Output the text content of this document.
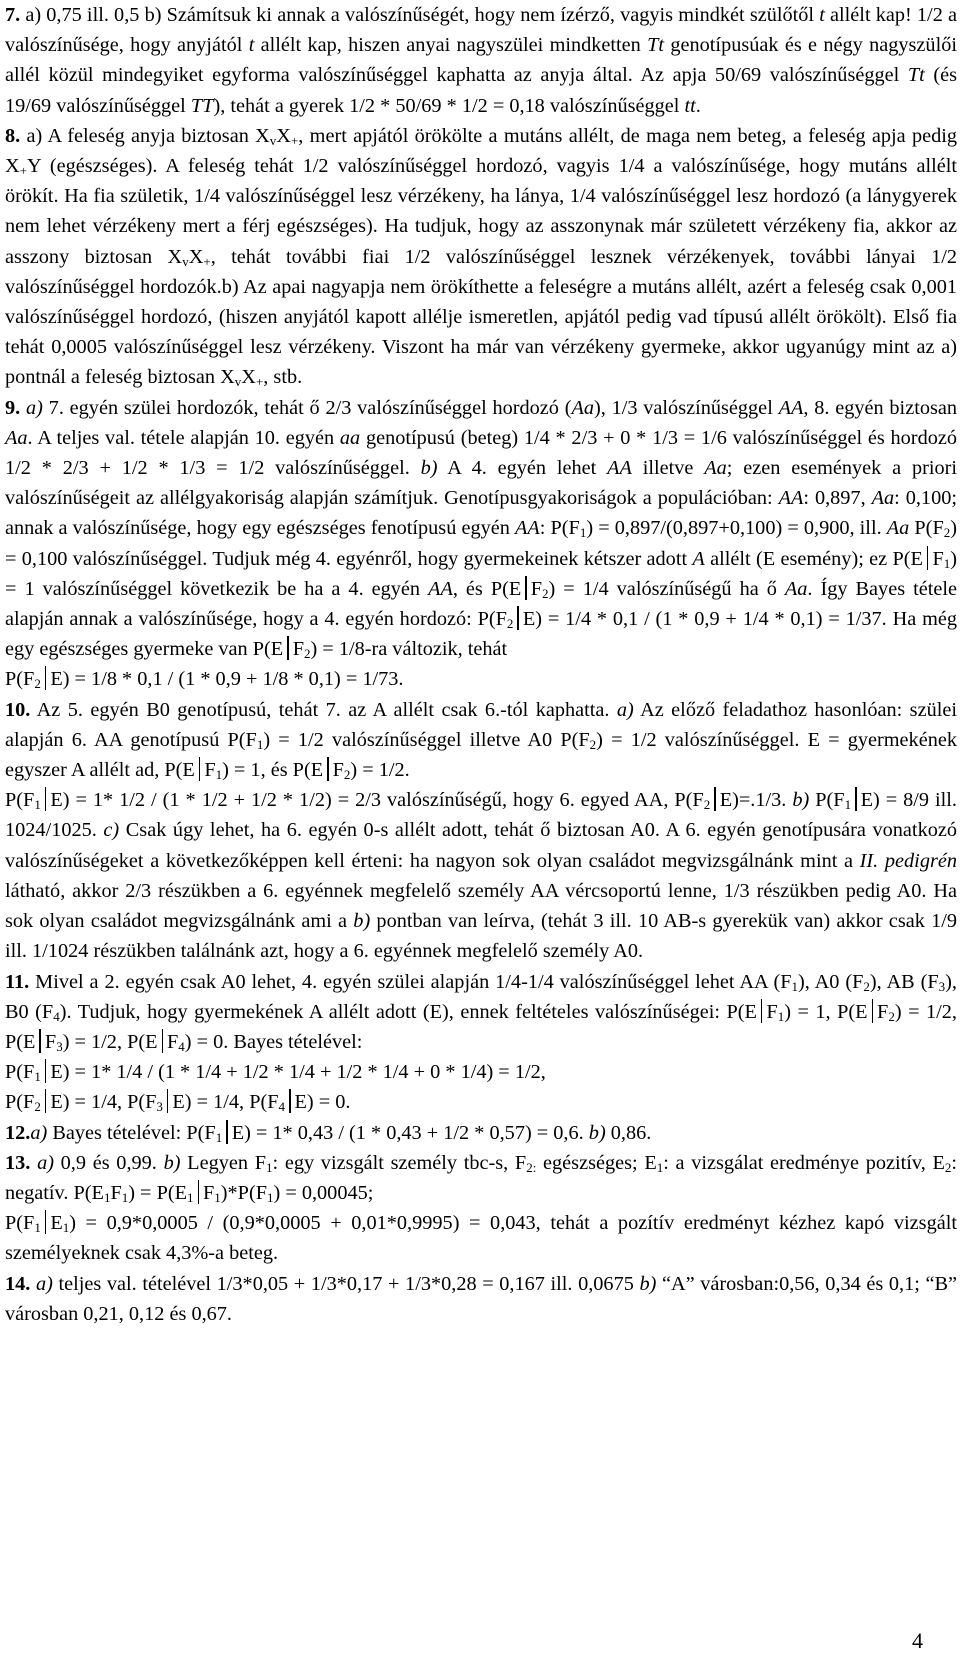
7. a) 0,75 ill. 0,5 b) Számítsuk ki annak a valószínűségét, hogy nem ízérző, vagyis mindkét szülőtől t allélt kap! 1/2 a valószínűsége, hogy anyjától t allélt kap, hiszen anyai nagyszülei mindketten Tt genotípusúak és e négy nagyszülői allél közül mindegyiket egyforma valószínűséggel kaphatta az anyja által. Az apja 50/69 valószínűséggel Tt (és 19/69 valószínűséggel TT), tehát a gyerek 1/2 * 50/69 * 1/2 = 0,18 valószínűséggel tt.

8. a) A feleség anyja biztosan $X_vX_+$, mert apjától örökölte a mutáns allélt, de maga nem beteg, a feleség apja pedig $X_+Y$ (egészséges). A feleség tehát 1/2 valószínűséggel hordozó, vagyis 1/4 a valószínűsége, hogy mutáns allélt örökít. Ha fia születik, 1/4 valószínűséggel lesz vérzékeny, ha lánya, 1/4 valószínűséggel lesz hordozó (a lánygyerek nem lehet vérzékeny mert a férj egészséges). Ha tudjuk, hogy az asszonynak már született vérzékeny fia, akkor az asszony biztosan $X_vX_+$, tehát további fiai 1/2 valószínűséggel lesznek vérzékenyek, további lányai 1/2 valószínűséggel hordozók.b) Az apai nagyapja nem örökíthette a feleségre a mutáns allélt, azért a feleség csak 0,001 valószínűséggel hordozó, (hiszen anyjától kapott allélje ismeretlen, apjától pedig vad típusú allélt örökölt). Első fia tehát 0,0005 valószínűséggel lesz vérzékeny. Viszont ha már van vérzékeny gyermeke, akkor ugyanúgy mint az a) pontnál a feleség biztosan $X_vX_+$, stb.

9. a) 7. egyén szülei hordozók, tehát ő 2/3 valószínűséggel hordozó (Aa), 1/3 valószínűséggel AA, 8. egyén biztosan Aa. A teljes val. tétele alapján 10. egyén aa genotípusú (beteg) 1/4 * 2/3 + 0 * 1/3 = 1/6 valószínűséggel és hordozó 1/2 * 2/3 + 1/2 * 1/3 = 1/2 valószínűséggel. b) A 4. egyén lehet AA illetve Aa; ezen események a priori valószínűségeit az allélgyakoriság alapján számítjuk. Genotípusgyakoriságok a populációban: AA: 0,897, Aa: 0,100; annak a valószínűsége, hogy egy egészséges fenotípusú egyén AA: $P(F_1) = 0,897/(0,897+0,100) = 0,900$, ill. Aa $P(F_2) = 0,100$ valószínűséggel. Tudjuk még 4. egyénről, hogy gyermekeinek kétszer adott A allélt (E esemény); ez P(E $F_1) = 1$ valószínűséggel következik be ha a 4. egyén AA, és P(E $F_2) = 1/4$ valószínűségű ha ő Aa. Így Bayes tétele alapján annak a valószínűsége, hogy a 4. egyén hordozó: $P(F_2$ E) = 1/4 * 0,1 / (1 * 0,9 + 1/4 * 0,1) = 1/37. Ha még egy egészséges gyermeke van P(E $F_2) = 1/8-ra$ változik, tehát
$P(F_2$ E) = 1/8 * 0,1 / (1 * 0,9 + 1/8 * 0,1) = 1/73.

10. Az 5. egyén B0 genotípusú, tehát 7. az A allélt csak 6.-tól kaphatta. a) Az előző feladathoz hasonlóan: szülei alapján 6. AA genotípusú $P(F_1) = 1/2$ valószínűséggel illetve A0 $P(F_2) = 1/2$ valószínűséggel. E = gyermekének egyszer A allélt ad, P(E $F_1) = 1$, és P(E $F_2) = 1/2$.
$P(F_1$ E) = 1* 1/2 / (1 * 1/2 + 1/2 * 1/2) = 2/3 valószínűségű, hogy 6. egyed AA, $P(F_2$ E)=.1/3. b) $P(F_1$ E) = 8/9 ill. 1024/1025. c) Csak úgy lehet, ha 6. egyén 0-s allélt adott, tehát ő biztosan A0. A 6. egyén genotípusára vonatkozó valószínűségeket a következőképpen kell érteni: ha nagyon sok olyan családot megvizsgálnánk mint a II. pedigrén látható, akkor 2/3 részükben a 6. egyénnek megfelelő személy AA vércsoportú lenne, 1/3 részükben pedig A0. Ha sok olyan családot megvizsgálnánk ami a b) pontban van leírva, (tehát 3 ill. 10 AB-s gyerekük van) akkor csak 1/9 ill. 1/1024 részükben találnánk azt, hogy a 6. egyénnek megfelelő személy A0.

11. Mivel a 2. egyén csak A0 lehet, 4. egyén szülei alapján 1/4-1/4 valószínűséggel lehet AA $(F_1)$, A0 $(F_2)$, AB $(F_3)$, B0 $(F_4)$. Tudjuk, hogy gyermekének A allélt adott (E), ennek feltételes valószínűségei: P(E $F_1) = 1$, P(E $F_2) = 1/2$, P(E $F_3) = 1/2$, P(E $F_4) = 0$. Bayes tételével:
$P(F_1$ E) = 1* 1/4 / (1 * 1/4 + 1/2 * 1/4 + 1/2 * 1/4 + 0 * 1/4) = 1/2,
$P(F_2$ E) = 1/4, $P(F_3$ E) = 1/4, $P(F_4$ E) = 0.

12.a) Bayes tételével: $P(F_1$ E) = 1* 0,43 / (1 * 0,43 + 1/2 * 0,57) = 0,6. b) 0,86.

13. a) 0,9 és 0,99. b) Legyen $F_1$: egy vizsgált személy tbc-s, $F_{2:}$ egészséges; $E_1$: a vizsgálat eredménye pozitív, $E_2$: negatív. $P(E_1F_1) = P(E_1$ $F_1)*P(F_1) = 0,00045$;
$P(F_1$ $E_1) = 0,9*0,0005 / (0,9*0,0005 + 0,01*0,9995) = 0,043$, tehát a pozítív eredményt kézhez kapó vizsgált személyeknek csak 4,3%-a beteg.

14. a) teljes val. tételével 1/3*0,05 + 1/3*0,17 + 1/3*0,28 = 0,167 ill. 0,0675 b) “A” városban:0,56, 0,34 és 0,1; “B” városban 0,21, 0,12 és 0,67.

4
